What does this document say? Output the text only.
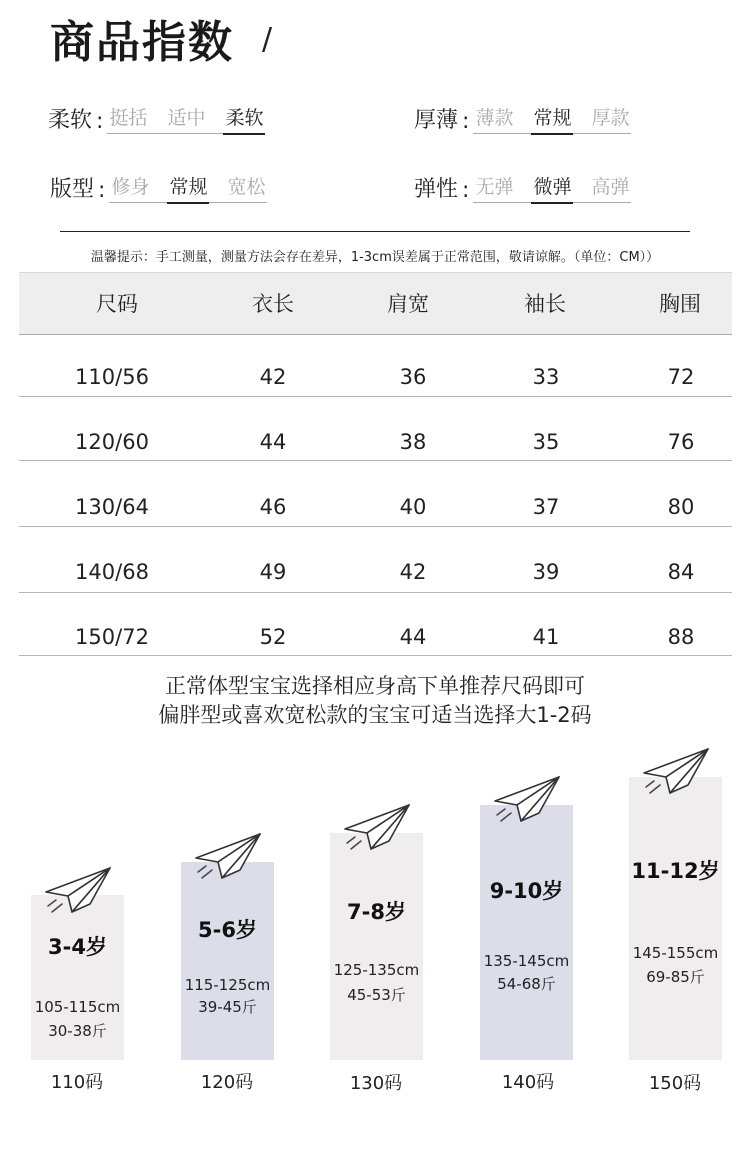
商品指数 /
柔软 : 挺括 适中 柔软	厚薄 : 薄款 常规 厚款
版型 : 修身 常规 宽松	弹性 : 无弹 微弹 高弹
温馨提示：手工测量，测量方法会存在差异，1-3cm误差属于正常范围，敬请谅解。（单位：CM））
尺码	衣长	肩宽	袖长	胸围
110/56	42	36	33	72
120/60	44	38	35	76
130/64	46	40	37	80
140/68	49	42	39	84
150/72	52	44	41	88
正常体型宝宝选择相应身高下单推荐尺码即可
偏胖型或喜欢宽松款的宝宝可适当选择大1-2码
3-4岁
105-115cm
30-38斤
5-6岁
115-125cm
39-45斤
7-8岁
125-135cm
45-53斤
9-10岁
135-145cm
54-68斤
11-12岁
145-155cm
69-85斤
110码	120码	130码	140码	150码
